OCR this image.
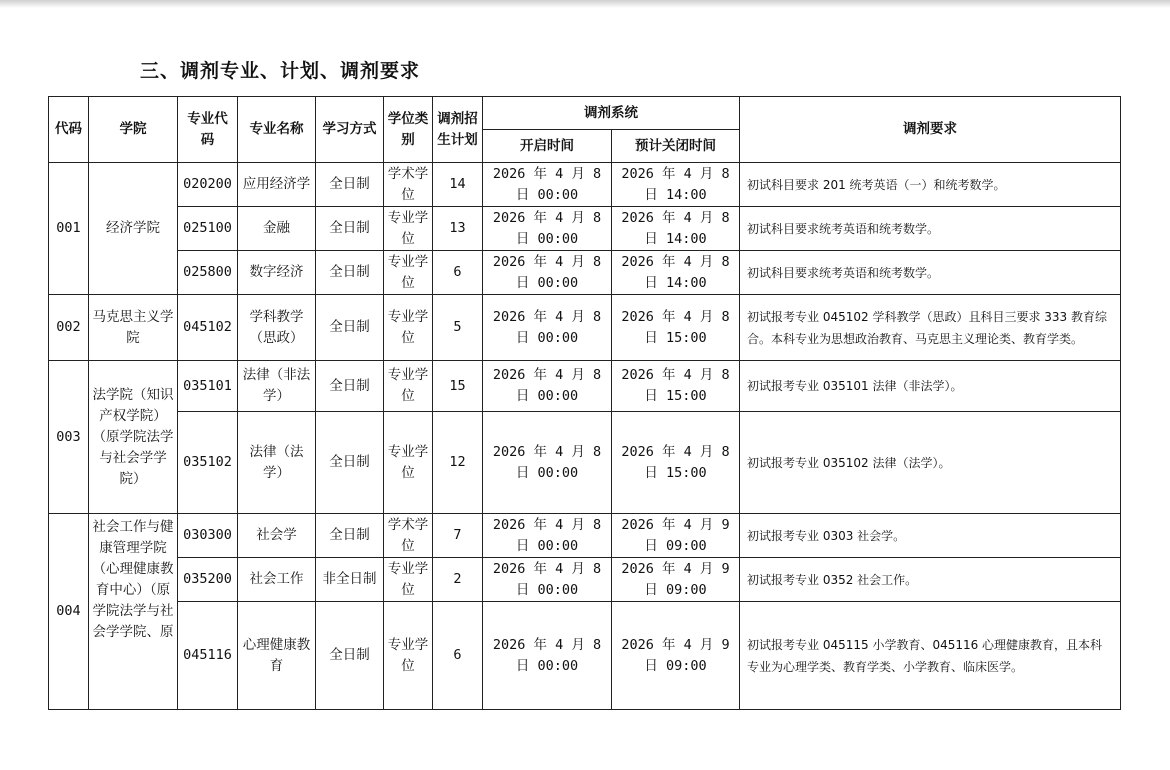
三、调剂专业、计划、调剂要求
代码	学院	专业代码	专业名称	学习方式	学位类别	调剂招生计划	调剂系统		调剂要求
							开启时间	预计关闭时间	
001	经济学院	020200	应用经济学	全日制	学术学位	14	2026 年 4 月 8 日 00:00	2026 年 4 月 8 日 14:00	初试科目要求 201 统考英语（一）和统考数学。
		025100	金融	全日制	专业学位	13	2026 年 4 月 8 日 00:00	2026 年 4 月 8 日 14:00	初试科目要求统考英语和统考数学。
		025800	数字经济	全日制	专业学位	6	2026 年 4 月 8 日 00:00	2026 年 4 月 8 日 14:00	初试科目要求统考英语和统考数学。
002	马克思主义学院	045102	学科教学（思政）	全日制	专业学位	5	2026 年 4 月 8 日 00:00	2026 年 4 月 8 日 15:00	初试报考专业 045102 学科教学（思政）且科目三要求 333 教育综合。本科专业为思想政治教育、马克思主义理论类、教育学类。
003	法学院（知识产权学院）（原学院法学与社会学学院）	035101	法律（非法学）	全日制	专业学位	15	2026 年 4 月 8 日 00:00	2026 年 4 月 8 日 15:00	初试报考专业 035101 法律（非法学）。
		035102	法律（法学）	全日制	专业学位	12	2026 年 4 月 8 日 00:00	2026 年 4 月 8 日 15:00	初试报考专业 035102 法律（法学）。
004	社会工作与健康管理学院（心理健康教育中心）（原学院法学与社会学学院、原	030300	社会学	全日制	学术学位	7	2026 年 4 月 8 日 00:00	2026 年 4 月 9 日 09:00	初试报考专业 0303 社会学。
		035200	社会工作	非全日制	专业学位	2	2026 年 4 月 8 日 00:00	2026 年 4 月 9 日 09:00	初试报考专业 0352 社会工作。
		045116	心理健康教育	全日制	专业学位	6	2026 年 4 月 8 日 00:00	2026 年 4 月 9 日 09:00	初试报考专业 045115 小学教育、045116 心理健康教育，且本科专业为心理学类、教育学类、小学教育、临床医学。
